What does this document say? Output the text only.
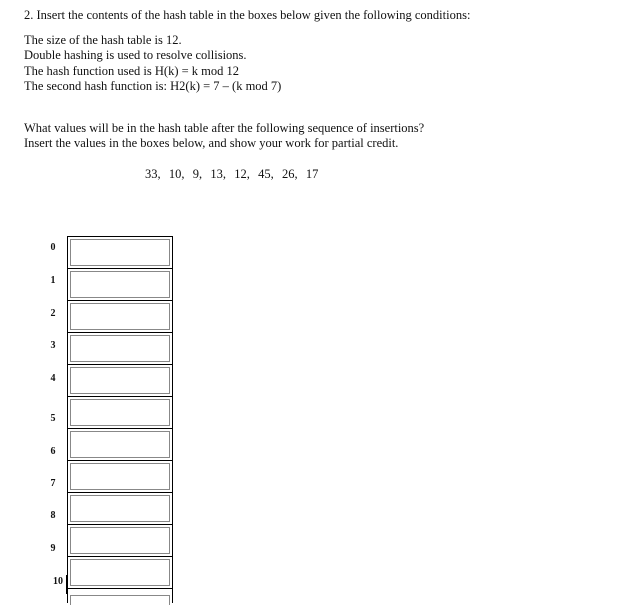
2. Insert the contents of the hash table in the boxes below given the following conditions:
The size of the hash table is 12.
Double hashing is used to resolve collisions.
The hash function used is H(k) = k mod 12
The second hash function is: H2(k) = 7 – (k mod 7)
What values will be in the hash table after the following sequence of insertions?
Insert the values in the boxes below, and show your work for partial credit.
33,  10,  9,  13,  12,  45,  26,  17
0
1
2
3
4
5
6
7
8
9
10
